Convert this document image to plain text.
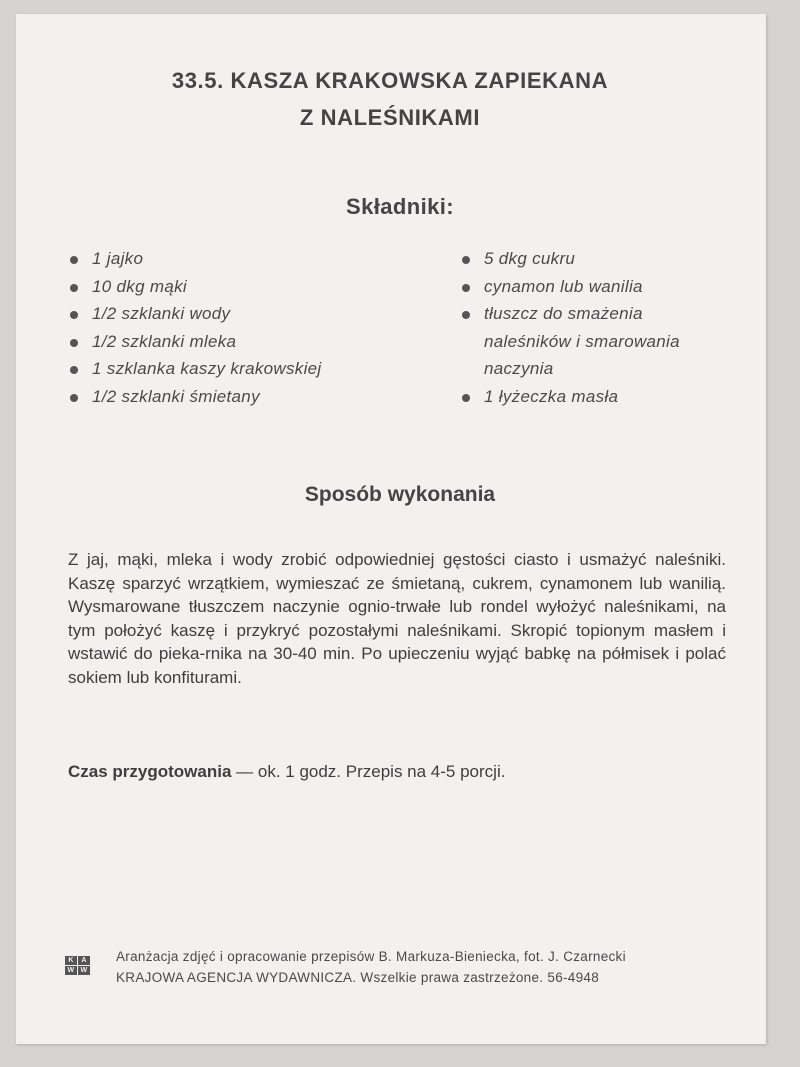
33.5. KASZA KRAKOWSKA ZAPIEKANA
Z NALEŚNIKAMI
Składniki:
1 jajko
10 dkg mąki
1/2 szklanki wody
1/2 szklanki mleka
1 szklanka kaszy krakowskiej
1/2 szklanki śmietany
5 dkg cukru
cynamon lub wanilia
tłuszcz do smażenia
naleśników i smarowania
naczynia
1 łyżeczka masła
Sposób wykonania
Z jaj, mąki, mleka i wody zrobić odpowiedniej gęstości ciasto i usmażyć naleśniki. Kaszę sparzyć wrzątkiem, wymieszać ze śmietaną, cukrem, cynamonem lub wanilią. Wysmarowane tłuszczem naczynie ognio-trwałe lub rondel wyłożyć naleśnikami, na tym położyć kaszę i przykryć pozostałymi naleśnikami. Skropić topionym masłem i wstawić do pieka-rnika na 30-40 min. Po upieczeniu wyjąć babkę na półmisek i polać sokiem lub konfiturami.
Czas przygotowania — ok. 1 godz. Przepis na 4-5 porcji.
K	A
W W
Aranżacja zdjęć i opracowanie przepisów B. Markuza-Bieniecka, fot. J. Czarnecki
KRAJOWA AGENCJA WYDAWNICZA. Wszelkie prawa zastrzeżone. 56-4948
